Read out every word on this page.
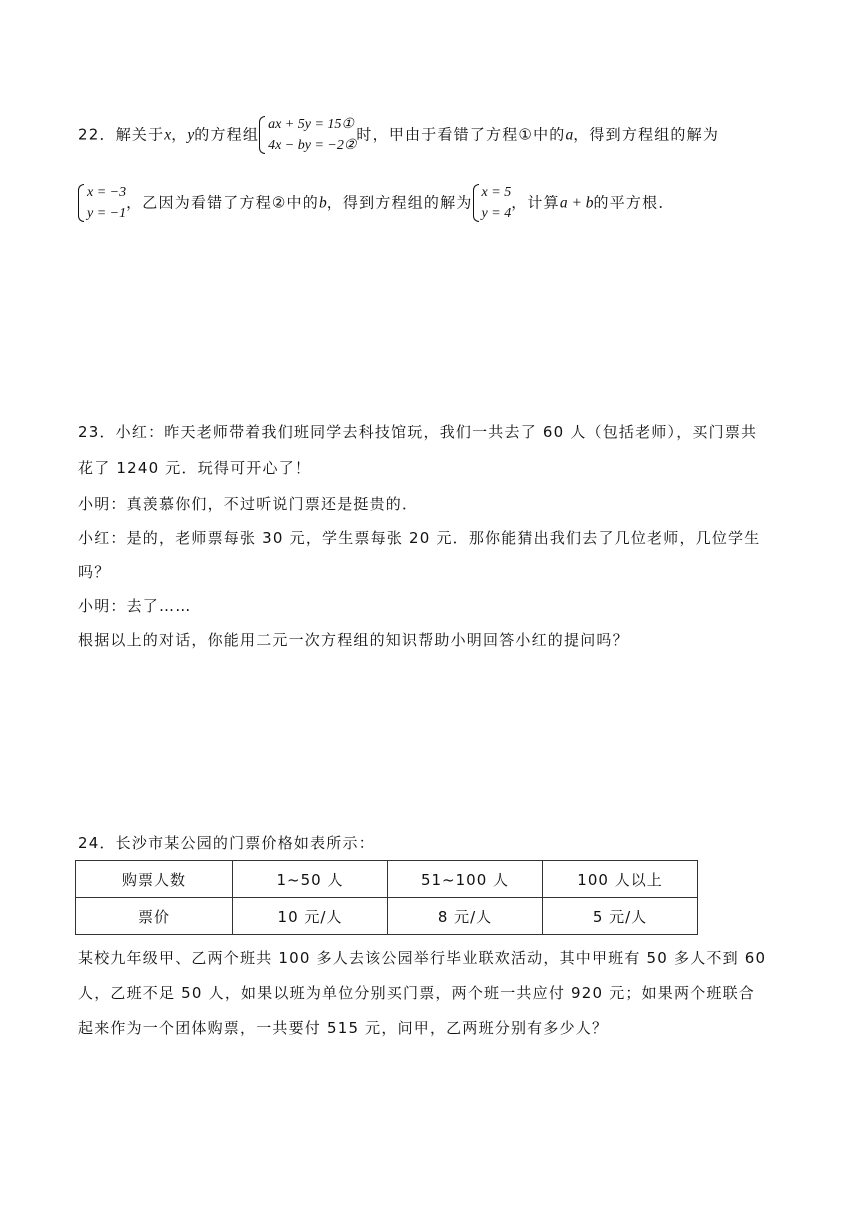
22．解关于x，y的方程组
ax + 5y = 15①
4x − by = −2②
时，甲由于看错了方程①中的a，得到方程组的解为
x = −3
y = −1
，乙因为看错了方程②中的b，得到方程组的解为
x = 5
y = 4
，计算a + b的平方根．
23．小红：昨天老师带着我们班同学去科技馆玩，我们一共去了 60 人（包括老师），买门票共
花了 1240 元．玩得可开心了！
小明：真羡慕你们，不过听说门票还是挺贵的．
小红：是的，老师票每张 30 元，学生票每张 20 元．那你能猜出我们去了几位老师，几位学生
吗？
小明：去了……
根据以上的对话，你能用二元一次方程组的知识帮助小明回答小红的提问吗？
24．长沙市某公园的门票价格如表所示：
购票人数	1~50 人	51~100 人	100 人以上
票价	10 元/人	8 元/人	5 元/人
某校九年级甲、乙两个班共 100 多人去该公园举行毕业联欢活动，其中甲班有 50 多人不到 60
人，乙班不足 50 人，如果以班为单位分别买门票，两个班一共应付 920 元；如果两个班联合
起来作为一个团体购票，一共要付 515 元，问甲，乙两班分别有多少人？
